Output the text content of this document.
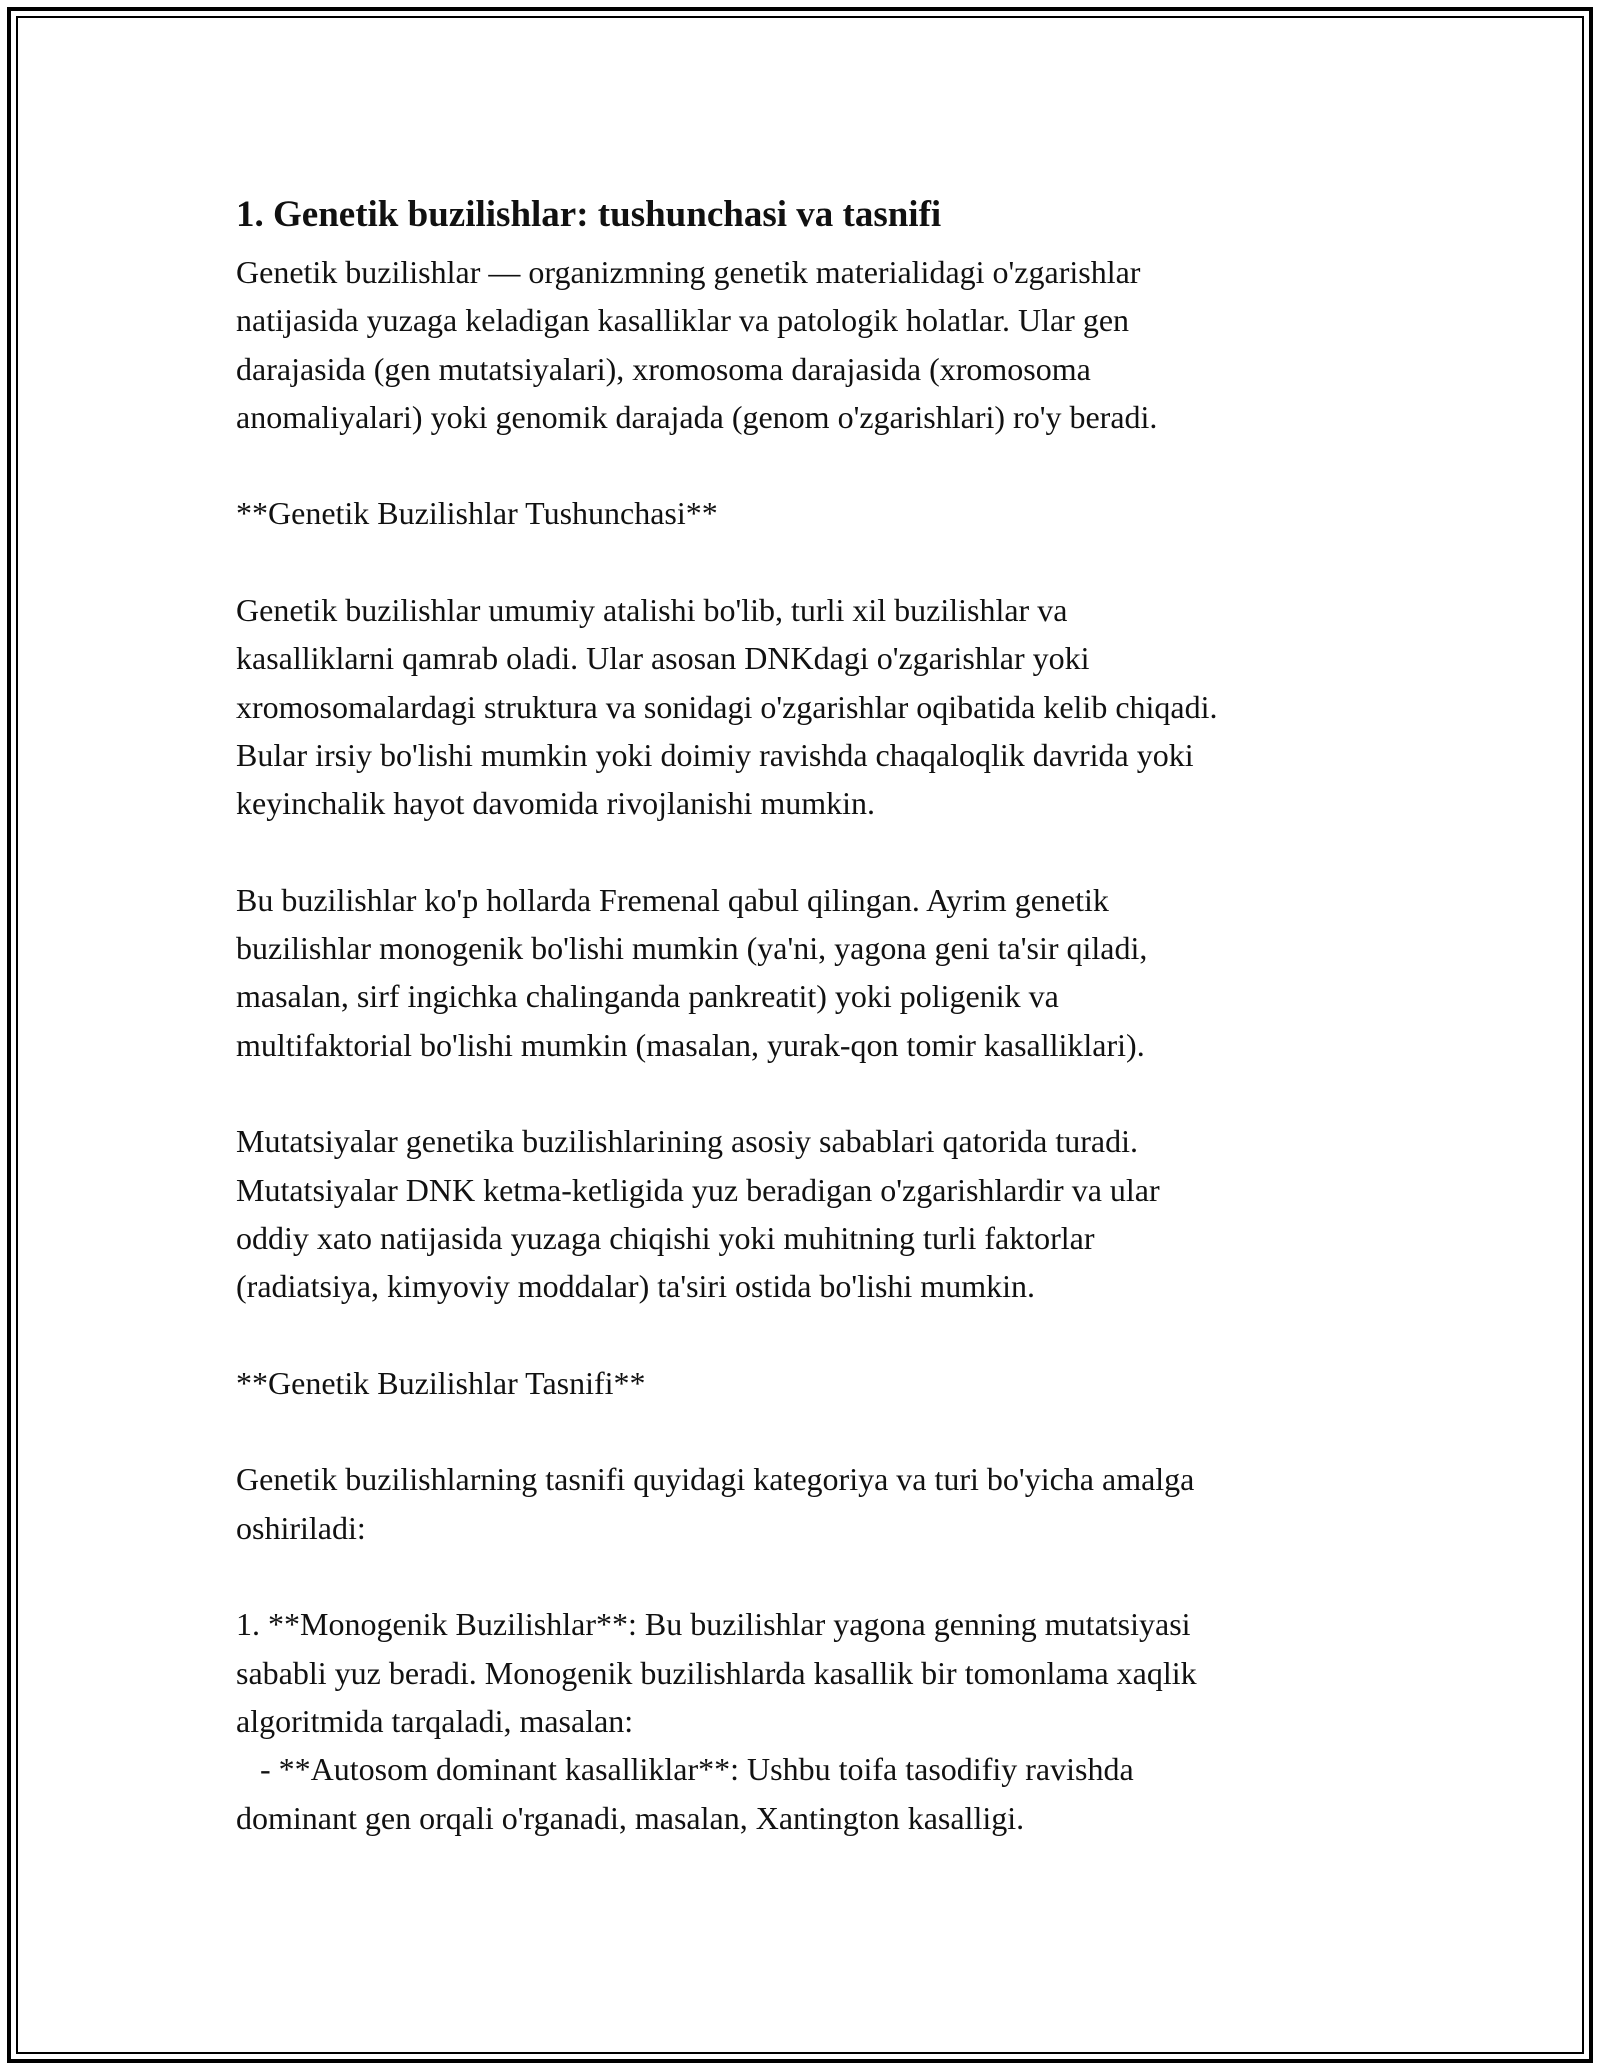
1. Genetik buzilishlar: tushunchasi va tasnifi

Genetik buzilishlar — organizmning genetik materialidagi o'zgarishlar
natijasida yuzaga keladigan kasalliklar va patologik holatlar. Ular gen
darajasida (gen mutatsiyalari), xromosoma darajasida (xromosoma
anomaliyalari) yoki genomik darajada (genom o'zgarishlari) ro'y beradi.

**Genetik Buzilishlar Tushunchasi**

Genetik buzilishlar umumiy atalishi bo'lib, turli xil buzilishlar va
kasalliklarni qamrab oladi. Ular asosan DNKdagi o'zgarishlar yoki
xromosomalardagi struktura va sonidagi o'zgarishlar oqibatida kelib chiqadi.
Bular irsiy bo'lishi mumkin yoki doimiy ravishda chaqaloqlik davrida yoki
keyinchalik hayot davomida rivojlanishi mumkin.

Bu buzilishlar ko'p hollarda Fremenal qabul qilingan. Ayrim genetik
buzilishlar monogenik bo'lishi mumkin (ya'ni, yagona geni ta'sir qiladi,
masalan, sirf ingichka chalinganda pankreatit) yoki poligenik va
multifaktorial bo'lishi mumkin (masalan, yurak-qon tomir kasalliklari).

Mutatsiyalar genetika buzilishlarining asosiy sabablari qatorida turadi.
Mutatsiyalar DNK ketma-ketligida yuz beradigan o'zgarishlardir va ular
oddiy xato natijasida yuzaga chiqishi yoki muhitning turli faktorlar
(radiatsiya, kimyoviy moddalar) ta'siri ostida bo'lishi mumkin.

**Genetik Buzilishlar Tasnifi**

Genetik buzilishlarning tasnifi quyidagi kategoriya va turi bo'yicha amalga
oshiriladi:

1. **Monogenik Buzilishlar**: Bu buzilishlar yagona genning mutatsiyasi
sababli yuz beradi. Monogenik buzilishlarda kasallik bir tomonlama xaqlik
algoritmida tarqaladi, masalan:
- **Autosom dominant kasalliklar**: Ushbu toifa tasodifiy ravishda
dominant gen orqali o'rganadi, masalan, Xantington kasalligi.
